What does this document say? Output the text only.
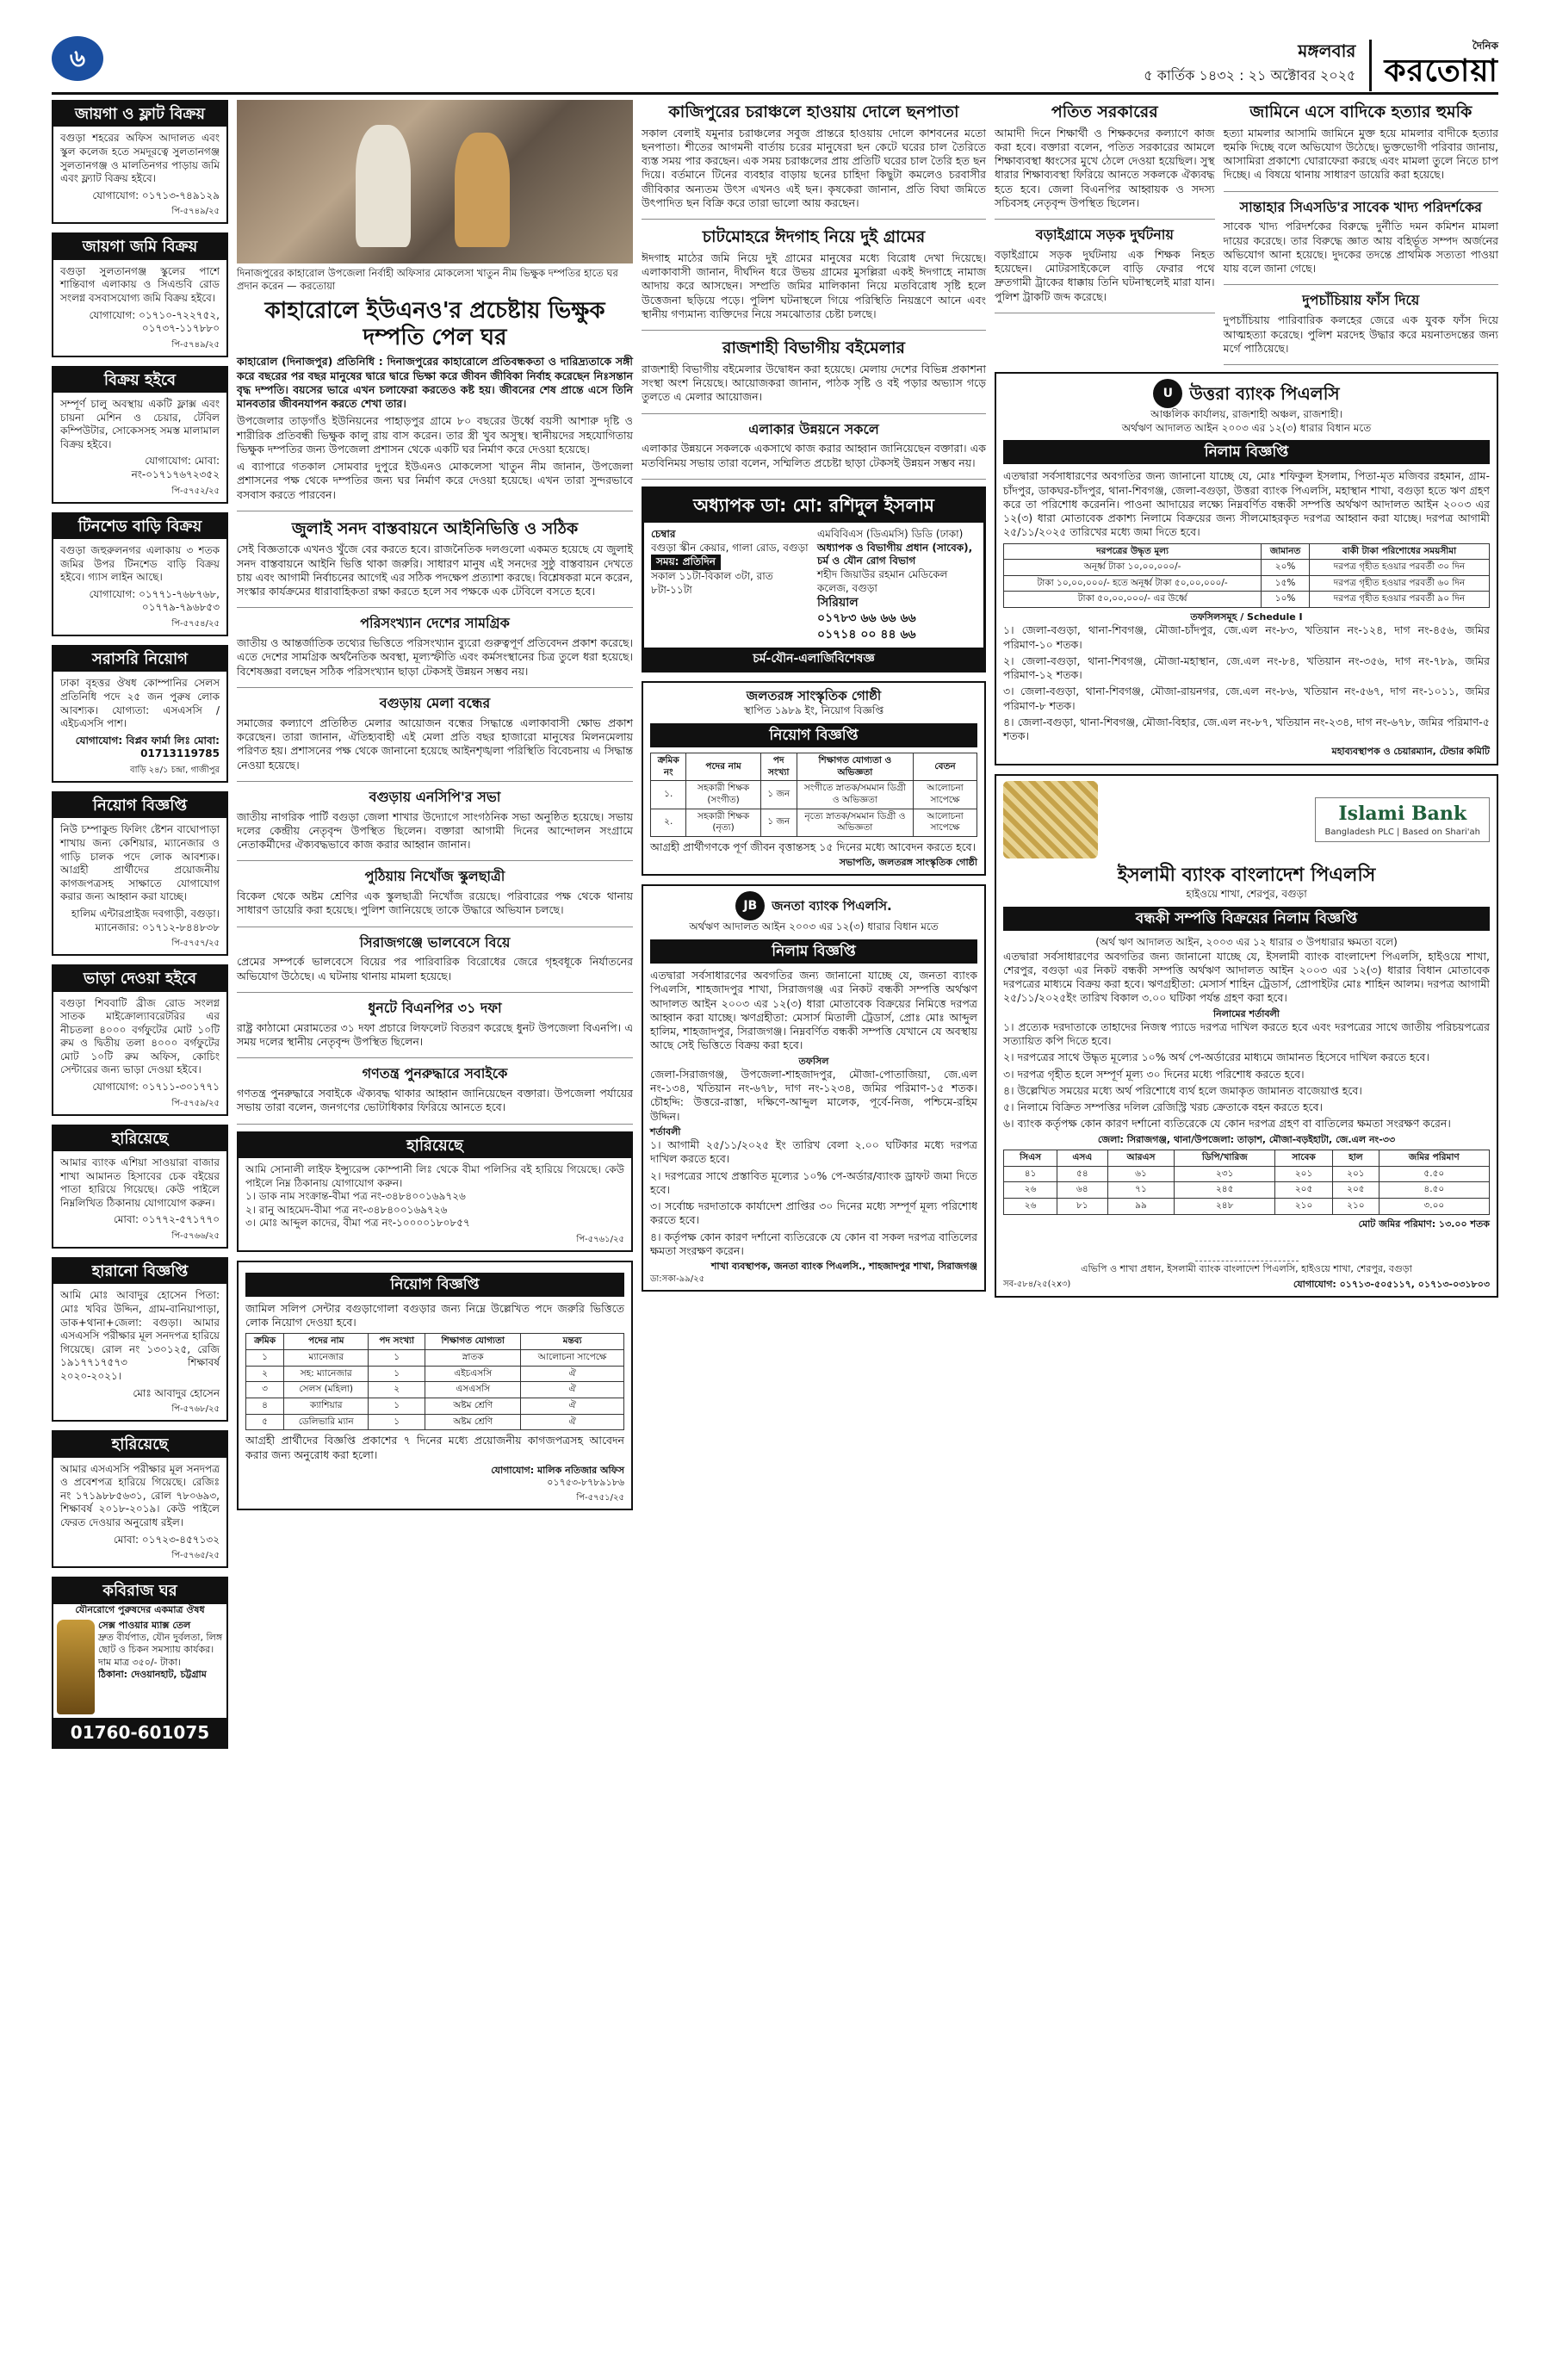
৬	মঙ্গলবার
৫ কার্তিক ১৪৩২ : ২১ অক্টোবর ২০২৫
দৈনিক
করতোয়া
জায়গা ও ফ্লাট বিক্রয়
বগুড়া শহরের অফিস আদালত এবং স্কুল কলেজ হতে সমদূরত্বে সুলতানগঞ্জ সুলতানগঞ্জ ও মালতিনগর পাড়ায় জমি এবং ফ্ল্যাট বিক্রয় হইবে।
যোগাযোগ: ০১৭১৩-৭৪৯১২৯
পি-৫৭৪৯/২৫
জায়গা জমি বিক্রয়
বগুড়া সুলতানগঞ্জ স্কুলের পাশে শান্তিবাগ এলাকায় ও সিএন্ডবি রোড সংলগ্ন বসবাসযোগ্য জমি বিক্রয় হইবে।
যোগাযোগ: ০১৭১০-৭২২৭৫২, ০১৭৩৭-১১৭৮৮০
পি-৫৭৪৯/২৫
বিক্রয় হইবে
সম্পূর্ণ চালু অবস্থায় একটি ফ্লাক্স এবং চায়না মেশিন ও চেয়ার, টেবিল কম্পিউটার, সোকেসসহ সমস্ত মালামাল বিক্রয় হইবে।
যোগাযোগ: মোবা: নং-০১৭১৭৬৭২৩৫২
পি-৫৭৫২/২৫
টিনশেড বাড়ি বিক্রয়
বগুড়া জহুরুলনগর এলাকায় ৩ শতক জমির উপর টিনশেড বাড়ি বিক্রয় হইবে। গ্যাস লাইন আছে।
যোগাযোগ: ০১৭৭১-৭৬৮৭৬৮, ০১৭৭৯-৭৯৬৮৫৩
পি-৫৭৫৪/২৫
সরাসরি নিয়োগ
ঢাকা বৃহত্তর ঔষধ কোম্পানির সেলস প্রতিনিধি পদে ২৫ জন পুরুষ লোক আবশ্যক। যোগ্যতা: এসএসসি / এইচএসসি পাশ।
যোগাযোগ: বিপ্লব ফার্মা লিঃ মোবা: 01713119785
বাড়ি ২৪/১ চন্দ্রা, গাজীপুর
নিয়োগ বিজ্ঞপ্তি
নিউ চম্পাকুন্ড ফিলিং ষ্টেশন বাঘোপাড়া শাখায় জন্য কেশিয়ার, ম্যানেজার ও গাড়ি চালক পদে লোক আবশ্যক। আগ্রহী প্রার্থীদের প্রয়োজনীয় কাগজপত্রসহ সাক্ষাতে যোগাযোগ করার জন্য আহ্বান করা যাচ্ছে।
হালিম এন্টারপ্রাইজ দবগাড়ী, বগুড়া। ম্যানেজার: ০১৭১২-৮৪৪৮৩৮
পি-৫৭৫৭/২৫
ভাড়া দেওয়া হইবে
বগুড়া শিববাটি ব্রীজ রোড সংলগ্ন সাতক মাইক্রোল্যাবরেটরির এর নীচতলা ৪০০০ বর্গফুটের মোট ১০টি রুম ও দ্বিতীয় তলা ৪০০০ বর্গফুটের মোট ১০টি রুম অফিস, কোচিং সেন্টারের জন্য ভাড়া দেওয়া হইবে।
যোগাযোগ: ০১৭১১-৩০১৭৭১
পি-৫৭৫৯/২৫
হারিয়েছে
আমার ব্যাংক এশিয়া সাওয়ারা বাজার শাখা আমানত হিসাবের চেক বইয়ের পাতা হারিয়ে গিয়েছে। কেউ পাইলে নিম্নলিখিত ঠিকানায় যোগাযোগ করুন।
মোবা: ০১৭৭২-৫৭১৭৭০
পি-৫৭৬৬/২৫
হারানো বিজ্ঞপ্তি
আমি মোঃ আবাদুর হোসেন পিতা: মোঃ খবির উদ্দিন, গ্রাম-বানিয়াপাড়া, ডাক+থানা+জেলা: বগুড়া। আমার এসএসসি পরীক্ষার মূল সনদপত্র হারিয়ে গিয়েছে। রোল নং ১৩০১২৫, রেজি ১৯১৭৭১৭৫৭৩ শিক্ষাবর্ষ ২০২০-২০২১।
মোঃ আবাদুর হোসেন
পি-৫৭৬৮/২৫
হারিয়েছে
আমার এসএসসি পরীক্ষার মূল সনদপত্র ও প্রবেশপত্র হারিয়ে গিয়েছে। রেজিঃ নং ১৭১৯৮৮৫৬৩১, রোল ৭৮০৬৯৩, শিক্ষাবর্ষ ২০১৮-২০১৯। কেউ পাইলে ফেরত দেওয়ার অনুরোধ রইল।
মোবা: ০১৭২৩-৪৫৭১৩২
পি-৫৭৬৫/২৫
কবিরাজ ঘর
যৌনরোগে পুরুষদের একমাত্র ঔষধ
সেক্স পাওয়ার ম্যাক্স তেল
দ্রুত বীর্যপাত, যৌন দুর্বলতা, লিঙ্গ ছোট ও চিকন সমস্যায় কার্যকর। দাম মাত্র ৩৫০/- টাকা।
ঠিকানা: দেওয়ানহাট, চট্টগ্রাম
01760-601075
দিনাজপুরের কাহারোল উপজেলা নির্বাহী অফিসার মোকলেসা খাতুন নীম ভিক্ষুক দম্পতির হাতে ঘর প্রদান করেন — করতোয়া
কাহারোলে ইউএনও'র প্রচেষ্টায় ভিক্ষুক দম্পতি পেল ঘর

কাহারোল (দিনাজপুর) প্রতিনিধি : দিনাজপুরের কাহারোলে প্রতিবন্ধকতা ও দারিদ্র্যতাকে সঙ্গী করে বছরের পর বছর মানুষের দ্বারে দ্বারে ভিক্ষা করে জীবন জীবিকা নির্বাহ করেছেন নিঃসন্তান বৃদ্ধ দম্পতি। বয়সের ভারে এখন চলাফেরা করতেও কষ্ট হয়। জীবনের শেষ প্রান্তে এসে তিনি মানবতার জীবনযাপন করতে শেখা তার।

উপজেলার তাড়গাঁও ইউনিয়নের পাহাড়পুর গ্রামে ৮০ বছরের উর্ধ্বে বয়সী আশারু দৃষ্টি ও শারীরিক প্রতিবন্ধী ভিক্ষুক কালু রায় বাস করেন। তার স্ত্রী খুব অসুস্থ। স্থানীয়দের সহযোগিতায় ভিক্ষুক দম্পতির জন্য উপজেলা প্রশাসন থেকে একটি ঘর নির্মাণ করে দেওয়া হয়েছে।

এ ব্যাপারে গতকাল সোমবার দুপুরে ইউএনও মোকলেসা খাতুন নীম জানান, উপজেলা প্রশাসনের পক্ষ থেকে দম্পতির জন্য ঘর নির্মাণ করে দেওয়া হয়েছে। এখন তারা সুন্দরভাবে বসবাস করতে পারবেন।

জুলাই সনদ বাস্তবায়নে আইনিভিত্তি ও সঠিক

সেই বিজ্ঞতাকে এখনও খুঁজে বের করতে হবে। রাজনৈতিক দলগুলো একমত হয়েছে যে জুলাই সনদ বাস্তবায়নে আইনি ভিত্তি থাকা জরুরি। সাধারণ মানুষ এই সনদের সুষ্ঠু বাস্তবায়ন দেখতে চায় এবং আগামী নির্বাচনের আগেই এর সঠিক পদক্ষেপ প্রত্যাশা করছে। বিশ্লেষকরা মনে করেন, সংস্কার কার্যক্রমের ধারাবাহিকতা রক্ষা করতে হলে সব পক্ষকে এক টেবিলে বসতে হবে।

পরিসংখ্যান দেশের সামগ্রিক

জাতীয় ও আন্তর্জাতিক তথ্যের ভিত্তিতে পরিসংখ্যান ব্যুরো গুরুত্বপূর্ণ প্রতিবেদন প্রকাশ করেছে। এতে দেশের সামগ্রিক অর্থনৈতিক অবস্থা, মূল্যস্ফীতি এবং কর্মসংস্থানের চিত্র তুলে ধরা হয়েছে। বিশেষজ্ঞরা বলছেন সঠিক পরিসংখ্যান ছাড়া টেকসই উন্নয়ন সম্ভব নয়।

বগুড়ায় মেলা বন্ধের

সমাজের কল্যাণে প্রতিষ্ঠিত মেলার আয়োজন বন্ধের সিদ্ধান্তে এলাকাবাসী ক্ষোভ প্রকাশ করেছেন। তারা জানান, ঐতিহ্যবাহী এই মেলা প্রতি বছর হাজারো মানুষের মিলনমেলায় পরিণত হয়। প্রশাসনের পক্ষ থেকে জানানো হয়েছে আইনশৃঙ্খলা পরিস্থিতি বিবেচনায় এ সিদ্ধান্ত নেওয়া হয়েছে।

বগুড়ায় এনসিপি'র সভা

জাতীয় নাগরিক পার্টি বগুড়া জেলা শাখার উদ্যোগে সাংগঠনিক সভা অনুষ্ঠিত হয়েছে। সভায় দলের কেন্দ্রীয় নেতৃবৃন্দ উপস্থিত ছিলেন। বক্তারা আগামী দিনের আন্দোলন সংগ্রামে নেতাকর্মীদের ঐক্যবদ্ধভাবে কাজ করার আহ্বান জানান।

পুঠিয়ায় নিখোঁজ স্কুলছাত্রী

বিকেল থেকে অষ্টম শ্রেণির এক স্কুলছাত্রী নিখোঁজ রয়েছে। পরিবারের পক্ষ থেকে থানায় সাধারণ ডায়েরি করা হয়েছে। পুলিশ জানিয়েছে তাকে উদ্ধারে অভিযান চলছে।

সিরাজগঞ্জে ভালবেসে বিয়ে

প্রেমের সম্পর্কে ভালবেসে বিয়ের পর পারিবারিক বিরোধের জেরে গৃহবধূকে নির্যাতনের অভিযোগ উঠেছে। এ ঘটনায় থানায় মামলা হয়েছে।

ধুনটে বিএনপির ৩১ দফা

রাষ্ট্র কাঠামো মেরামতের ৩১ দফা প্রচারে লিফলেট বিতরণ করেছে ধুনট উপজেলা বিএনপি। এ সময় দলের স্থানীয় নেতৃবৃন্দ উপস্থিত ছিলেন।

গণতন্ত্র পুনরুদ্ধারে সবাইকে

গণতন্ত্র পুনরুদ্ধারে সবাইকে ঐক্যবদ্ধ থাকার আহ্বান জানিয়েছেন বক্তারা। উপজেলা পর্যায়ের সভায় তারা বলেন, জনগণের ভোটাধিকার ফিরিয়ে আনতে হবে।

হারিয়েছে
আমি সোনালী লাইফ ইন্স্যুরেন্স কোম্পানী লিঃ থেকে বীমা পলিসির বই হারিয়ে গিয়েছে। কেউ পাইলে নিম্ন ঠিকানায় যোগাযোগ করুন।
১। ডাক নাম সংক্রান্ত-বীমা পত্র নং-৩৪৮৪০০১৬৯৭২৬
২। রানু আহমেদ-বীমা পত্র নং-৩৪৮৪০০১৬৯৭২৬
৩। মোঃ আব্দুল কাদের, বীমা পত্র নং-১০০০০১৮০৮৫৭
পি-৫৭৬১/২৫
নিয়োগ বিজ্ঞপ্তি

জামিল সলিপ সেন্টার বগুড়াগোলা বগুড়ার জন্য নিম্নে উল্লেখিত পদে জরুরি ভিত্তিতে লোক নিয়োগ দেওয়া হবে।

ক্রমিক	পদের নাম	পদ সংখ্যা	শিক্ষাগত যোগ্যতা	মন্তব্য
১	ম্যানেজার	১	স্নাতক	আলোচনা সাপেক্ষে
২	সহ: ম্যানেজার	১	এইচএসসি	ঐ
৩	সেলস (মহিলা)	২	এসএসসি	ঐ
৪	ক্যাশিয়ার	১	অষ্টম শ্রেণি	ঐ
৫	ডেলিভারি ম্যান	১	অষ্টম শ্রেণি	ঐ

আগ্রহী প্রার্থীদের বিজ্ঞপ্তি প্রকাশের ৭ দিনের মধ্যে প্রয়োজনীয় কাগজপত্রসহ আবেদন করার জন্য অনুরোধ করা হলো।

যোগাযোগ: মালিক নতিজার অফিস
০১৭৫৩-৮৭৮৯১৮৬
পি-৫৭৫১/২৫
কাজিপুরের চরাঞ্চলে হাওয়ায় দোলে ছনপাতা

সকাল বেলাই যমুনার চরাঞ্চলের সবুজ প্রান্তরে হাওয়ায় দোলে কাশবনের মতো ছনপাতা। শীতের আগমনী বার্তায় চরের মানুষেরা ছন কেটে ঘরের চাল তৈরিতে ব্যস্ত সময় পার করছেন। এক সময় চরাঞ্চলের প্রায় প্রতিটি ঘরের চাল তৈরি হত ছন দিয়ে। বর্তমানে টিনের ব্যবহার বাড়ায় ছনের চাহিদা কিছুটা কমলেও চরবাসীর জীবিকার অন্যতম উৎস এখনও এই ছন। কৃষকেরা জানান, প্রতি বিঘা জমিতে উৎপাদিত ছন বিক্রি করে তারা ভালো আয় করছেন।

চাটমোহরে ঈদগাহ নিয়ে দুই গ্রামের

ঈদগাহ মাঠের জমি নিয়ে দুই গ্রামের মানুষের মধ্যে বিরোধ দেখা দিয়েছে। এলাকাবাসী জানান, দীর্ঘদিন ধরে উভয় গ্রামের মুসল্লিরা একই ঈদগাহে নামাজ আদায় করে আসছেন। সম্প্রতি জমির মালিকানা নিয়ে মতবিরোধ সৃষ্টি হলে উত্তেজনা ছড়িয়ে পড়ে। পুলিশ ঘটনাস্থলে গিয়ে পরিস্থিতি নিয়ন্ত্রণে আনে এবং স্থানীয় গণ্যমান্য ব্যক্তিদের নিয়ে সমঝোতার চেষ্টা চলছে।

রাজশাহী বিভাগীয় বইমেলার

রাজশাহী বিভাগীয় বইমেলার উদ্বোধন করা হয়েছে। মেলায় দেশের বিভিন্ন প্রকাশনা সংস্থা অংশ নিয়েছে। আয়োজকরা জানান, পাঠক সৃষ্টি ও বই পড়ার অভ্যাস গড়ে তুলতে এ মেলার আয়োজন।

এলাকার উন্নয়নে সকলে

এলাকার উন্নয়নে সকলকে একসাথে কাজ করার আহ্বান জানিয়েছেন বক্তারা। এক মতবিনিময় সভায় তারা বলেন, সম্মিলিত প্রচেষ্টা ছাড়া টেকসই উন্নয়ন সম্ভব নয়।

অধ্যাপক ডা: মো: রশিদুল ইসলাম
চেম্বার
বগুড়া স্কীন কেয়ার, গালা রোড, বগুড়া
সময়: প্রতিদিন
সকাল ১১টা-বিকাল ৩টা, রাত ৮টা-১১টা
এমবিবিএস (ডিএমসি) ডিডি (ঢাকা)
অধ্যাপক ও বিভাগীয় প্রধান (সাবেক), চর্ম ও যৌন রোগ বিভাগ
শহীদ জিয়াউর রহমান মেডিকেল কলেজ, বগুড়া
সিরিয়াল
০১৭৮৩ ৬৬ ৬৬ ৬৬
০১৭১৪ ০০ ৪৪ ৬৬
চর্ম-যৌন-এলার্জিবিশেষজ্ঞ
জলতরঙ্গ সাংস্কৃতিক গোষ্ঠী
স্থাপিত ১৯৮৯ ইং, নিয়োগ বিজ্ঞপ্তি
নিয়োগ বিজ্ঞপ্তি
ক্রমিক নং	পদের নাম	পদ সংখ্যা	শিক্ষাগত যোগ্যতা ও অভিজ্ঞতা	বেতন
১.	সহকারী শিক্ষক (সংগীত)	১ জন	সংগীতে স্নাতক/সমমান ডিগ্রী ও অভিজ্ঞতা	আলোচনা সাপেক্ষে
২.	সহকারী শিক্ষক (নৃত্য)	১ জন	নৃত্যে স্নাতক/সমমান ডিগ্রী ও অভিজ্ঞতা	আলোচনা সাপেক্ষে

আগ্রহী প্রার্থীগণকে পূর্ণ জীবন বৃত্তান্তসহ ১৫ দিনের মধ্যে আবেদন করতে হবে।

সভাপতি, জলতরঙ্গ সাংস্কৃতিক গোষ্ঠী
JB	জনতা ব্যাংক পিএলসি.
অর্থঋণ আদালত আইন ২০০৩ এর ১২(৩) ধারার বিধান মতে
নিলাম বিজ্ঞপ্তি

এতদ্বারা সর্বসাধারণের অবগতির জন্য জানানো যাচ্ছে যে, জনতা ব্যাংক পিএলসি, শাহজাদপুর শাখা, সিরাজগঞ্জ এর নিকট বন্ধকী সম্পত্তি অর্থঋণ আদালত আইন ২০০৩ এর ১২(৩) ধারা মোতাবেক বিক্রয়ের নিমিত্তে দরপত্র আহ্বান করা যাচ্ছে। ঋণগ্রহীতা: মেসার্স মিতালী ট্রেডার্স, প্রোঃ মোঃ আব্দুল হালিম, শাহজাদপুর, সিরাজগঞ্জ। নিম্নবর্ণিত বন্ধকী সম্পত্তি যেখানে যে অবস্থায় আছে সেই ভিত্তিতে বিক্রয় করা হবে।

তফসিল

জেলা-সিরাজগঞ্জ, উপজেলা-শাহজাদপুর, মৌজা-পোতাজিয়া, জে.এল নং-১৩৪, খতিয়ান নং-৬৭৮, দাগ নং-১২৩৪, জমির পরিমাণ-১৫ শতক। চৌহদ্দি: উত্তরে-রাস্তা, দক্ষিণে-আব্দুল মালেক, পূর্বে-নিজ, পশ্চিমে-রহিম উদ্দিন।

শর্তাবলী

১। আগামী ২৫/১১/২০২৫ ইং তারিখ বেলা ২.০০ ঘটিকার মধ্যে দরপত্র দাখিল করতে হবে।

২। দরপত্রের সাথে প্রস্তাবিত মূল্যের ১০% পে-অর্ডার/ব্যাংক ড্রাফট জমা দিতে হবে।

৩। সর্বোচ্চ দরদাতাকে কার্যাদেশ প্রাপ্তির ৩০ দিনের মধ্যে সম্পূর্ণ মূল্য পরিশোধ করতে হবে।

৪। কর্তৃপক্ষ কোন কারণ দর্শানো ব্যতিরেকে যে কোন বা সকল দরপত্র বাতিলের ক্ষমতা সংরক্ষণ করেন।

শাখা ব্যবস্থাপক, জনতা ব্যাংক পিএলসি., শাহজাদপুর শাখা, সিরাজগঞ্জ
ডা:সকা-৯৯/২৫
পতিত সরকারের

আমাদী দিনে শিক্ষার্থী ও শিক্ষকদের কল্যাণে কাজ করা হবে। বক্তারা বলেন, পতিত সরকারের আমলে শিক্ষাব্যবস্থা ধ্বংসের মুখে ঠেলে দেওয়া হয়েছিল। সুস্থ ধারার শিক্ষাব্যবস্থা ফিরিয়ে আনতে সকলকে ঐক্যবদ্ধ হতে হবে। জেলা বিএনপির আহ্বায়ক ও সদস্য সচিবসহ নেতৃবৃন্দ উপস্থিত ছিলেন।

বড়াইগ্রামে সড়ক দুর্ঘটনায়

বড়াইগ্রামে সড়ক দুর্ঘটনায় এক শিক্ষক নিহত হয়েছেন। মোটরসাইকেলে বাড়ি ফেরার পথে দ্রুতগামী ট্রাকের ধাক্কায় তিনি ঘটনাস্থলেই মারা যান। পুলিশ ট্রাকটি জব্দ করেছে।

জামিনে এসে বাদিকে হত্যার হুমকি

হত্যা মামলার আসামি জামিনে মুক্ত হয়ে মামলার বাদীকে হত্যার হুমকি দিচ্ছে বলে অভিযোগ উঠেছে। ভুক্তভোগী পরিবার জানায়, আসামিরা প্রকাশ্যে ঘোরাফেরা করছে এবং মামলা তুলে নিতে চাপ দিচ্ছে। এ বিষয়ে থানায় সাধারণ ডায়েরি করা হয়েছে।

সান্তাহার সিএসডি'র সাবেক খাদ্য পরিদর্শকের

সাবেক খাদ্য পরিদর্শকের বিরুদ্ধে দুর্নীতি দমন কমিশন মামলা দায়ের করেছে। তার বিরুদ্ধে জ্ঞাত আয় বহির্ভূত সম্পদ অর্জনের অভিযোগ আনা হয়েছে। দুদকের তদন্তে প্রাথমিক সত্যতা পাওয়া যায় বলে জানা গেছে।

দুপচাঁচিয়ায় ফাঁস দিয়ে

দুপচাঁচিয়ায় পারিবারিক কলহের জেরে এক যুবক ফাঁস দিয়ে আত্মহত্যা করেছে। পুলিশ মরদেহ উদ্ধার করে ময়নাতদন্তের জন্য মর্গে পাঠিয়েছে।

U উত্তরা ব্যাংক পিএলসি
আঞ্চলিক কার্যালয়, রাজশাহী অঞ্চল, রাজশাহী।
অর্থঋণ আদালত আইন ২০০৩ এর ১২(৩) ধারার বিধান মতে
নিলাম বিজ্ঞপ্তি

এতদ্বারা সর্বসাধারণের অবগতির জন্য জানানো যাচ্ছে যে, মোঃ শফিকুল ইসলাম, পিতা-মৃত মজিবর রহমান, গ্রাম-চাঁদপুর, ডাকঘর-চাঁদপুর, থানা-শিবগঞ্জ, জেলা-বগুড়া, উত্তরা ব্যাংক পিএলসি, মহাস্থান শাখা, বগুড়া হতে ঋণ গ্রহণ করে তা পরিশোধ করেননি। পাওনা আদায়ের লক্ষ্যে নিম্নবর্ণিত বন্ধকী সম্পত্তি অর্থঋণ আদালত আইন ২০০৩ এর ১২(৩) ধারা মোতাবেক প্রকাশ্য নিলামে বিক্রয়ের জন্য সীলমোহরকৃত দরপত্র আহ্বান করা যাচ্ছে। দরপত্র আগামী ২৫/১১/২০২৫ তারিখের মধ্যে জমা দিতে হবে।

দরপত্রের উদ্ধৃত মূল্য	জামানত	বাকী টাকা পরিশোধের সময়সীমা
অনূর্ধ্ব টাকা ১০,০০,০০০/-	২০%	দরপত্র গৃহীত হওয়ার পরবর্তী ৩০ দিন
টাকা ১০,০০,০০০/- হতে অনূর্ধ্ব টাকা ৫০,০০,০০০/-	১৫%	দরপত্র গৃহীত হওয়ার পরবর্তী ৬০ দিন
টাকা ৫০,০০,০০০/- এর উর্ধ্বে	১০%	দরপত্র গৃহীত হওয়ার পরবর্তী ৯০ দিন
তফসিলসমূহ / Schedule I

১। জেলা-বগুড়া, থানা-শিবগঞ্জ, মৌজা-চাঁদপুর, জে.এল নং-৮৩, খতিয়ান নং-১২৪, দাগ নং-৪৫৬, জমির পরিমাণ-১০ শতক।

২। জেলা-বগুড়া, থানা-শিবগঞ্জ, মৌজা-মহাস্থান, জে.এল নং-৮৪, খতিয়ান নং-৩৫৬, দাগ নং-৭৮৯, জমির পরিমাণ-১২ শতক।

৩। জেলা-বগুড়া, থানা-শিবগঞ্জ, মৌজা-রায়নগর, জে.এল নং-৮৬, খতিয়ান নং-৫৬৭, দাগ নং-১০১১, জমির পরিমাণ-৮ শতক।

৪। জেলা-বগুড়া, থানা-শিবগঞ্জ, মৌজা-বিহার, জে.এল নং-৮৭, খতিয়ান নং-২৩৪, দাগ নং-৬৭৮, জমির পরিমাণ-৫ শতক।

মহাব্যবস্থাপক ও চেয়ারম্যান, টেন্ডার কমিটি
Islami Bank
Bangladesh PLC | Based on Shari'ah
ইসলামী ব্যাংক বাংলাদেশ পিএলসি
হাইওয়ে শাখা, শেরপুর, বগুড়া
বন্ধকী সম্পত্তি বিক্রয়ের নিলাম বিজ্ঞপ্তি
(অর্থ ঋণ আদালত আইন, ২০০৩ এর ১২ ধারার ৩ উপধারার ক্ষমতা বলে)

এতদ্বারা সর্বসাধারণের অবগতির জন্য জানানো যাচ্ছে যে, ইসলামী ব্যাংক বাংলাদেশ পিএলসি, হাইওয়ে শাখা, শেরপুর, বগুড়া এর নিকট বন্ধকী সম্পত্তি অর্থঋণ আদালত আইন ২০০৩ এর ১২(৩) ধারার বিধান মোতাবেক দরপত্রের মাধ্যমে বিক্রয় করা হবে। ঋণগ্রহীতা: মেসার্স শাহিন ট্রেডার্স, প্রোপাইটর মোঃ শাহিন আলম। দরপত্র আগামী ২৫/১১/২০২৫ইং তারিখ বিকাল ৩.০০ ঘটিকা পর্যন্ত গ্রহণ করা হবে।

নিলামের শর্তাবলী

১। প্রত্যেক দরদাতাকে তাহাদের নিজস্ব প্যাডে দরপত্র দাখিল করতে হবে এবং দরপত্রের সাথে জাতীয় পরিচয়পত্রের সত্যায়িত কপি দিতে হবে।

২। দরপত্রের সাথে উদ্ধৃত মূল্যের ১০% অর্থ পে-অর্ডারের মাধ্যমে জামানত হিসেবে দাখিল করতে হবে।

৩। দরপত্র গৃহীত হলে সম্পূর্ণ মূল্য ৩০ দিনের মধ্যে পরিশোধ করতে হবে।

৪। উল্লেখিত সময়ের মধ্যে অর্থ পরিশোধে ব্যর্থ হলে জমাকৃত জামানত বাজেয়াপ্ত হবে।

৫। নিলামে বিক্রিত সম্পত্তির দলিল রেজিস্ট্রি খরচ ক্রেতাকে বহন করতে হবে।

৬। ব্যাংক কর্তৃপক্ষ কোন কারণ দর্শানো ব্যতিরেকে যে কোন দরপত্র গ্রহণ বা বাতিলের ক্ষমতা সংরক্ষণ করেন।

জেলা: সিরাজগঞ্জ, থানা/উপজেলা: তাড়াশ, মৌজা-বড়ইহাটা, জে.এল নং-৩৩
সিএস	এসএ	আরএস	ডিপি/খারিজ	সাবেক	হাল	জমির পরিমাণ
৪১	৫৪	৬১	২৩১	২০১	২০১	৫.৫০
২৬	৬৪	৭১	২৪৫	২০৫	২০৫	৪.৫০
২৬	৮১	৯৯	২৪৮	২১০	২১০	৩.০০
মোট জমির পরিমাণ: ১৩.০০ শতক
এভিপি ও শাখা প্রধান, ইসলামী ব্যাংক বাংলাদেশ পিএলসি, হাইওয়ে শাখা, শেরপুর, বগুড়া
সব-৫৮৪/২৫(২x৩)	যোগাযোগ: ০১৭১৩-৫০৫১১৭, ০১৭১৩-০৩১৮০৩
